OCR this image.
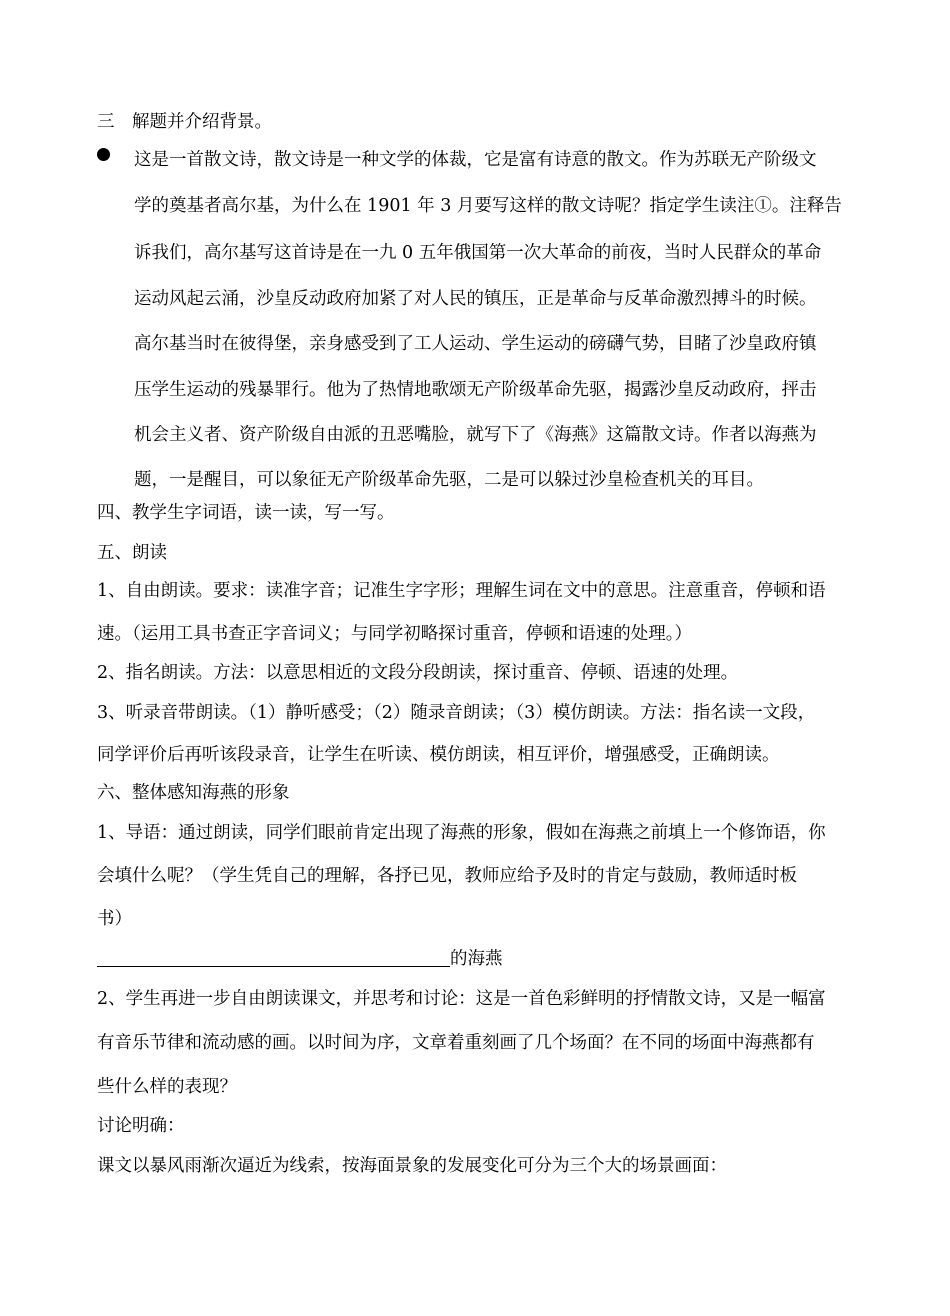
三　解题并介绍背景。
这是一首散文诗，散文诗是一种文学的体裁，它是富有诗意的散文。作为苏联无产阶级文
学的奠基者高尔基，为什么在 1901 年 3 月要写这样的散文诗呢？指定学生读注①。注释告
诉我们，高尔基写这首诗是在一九 0 五年俄国第一次大革命的前夜，当时人民群众的革命
运动风起云涌，沙皇反动政府加紧了对人民的镇压，正是革命与反革命激烈搏斗的时候。
高尔基当时在彼得堡，亲身感受到了工人运动、学生运动的磅礴气势，目睹了沙皇政府镇
压学生运动的残暴罪行。他为了热情地歌颂无产阶级革命先驱，揭露沙皇反动政府，抨击
机会主义者、资产阶级自由派的丑恶嘴脸，就写下了《海燕》这篇散文诗。作者以海燕为
题，一是醒目，可以象征无产阶级革命先驱，二是可以躲过沙皇检查机关的耳目。
四、教学生字词语，读一读，写一写。
五、朗读
1、自由朗读。要求：读准字音；记准生字字形；理解生词在文中的意思。注意重音，停顿和语
速。（运用工具书查正字音词义；与同学初略探讨重音，停顿和语速的处理。）
2、指名朗读。方法：以意思相近的文段分段朗读，探讨重音、停顿、语速的处理。
3、听录音带朗读。（1）静听感受；（2）随录音朗读；（3）模仿朗读。方法：指名读一文段，
同学评价后再听该段录音，让学生在听读、模仿朗读，相互评价，增强感受，正确朗读。
六、整体感知海燕的形象
1、导语：通过朗读，同学们眼前肯定出现了海燕的形象，假如在海燕之前填上一个修饰语，你
会填什么呢？（学生凭自己的理解，各抒已见，教师应给予及时的肯定与鼓励，教师适时板
书）
的海燕
2、学生再进一步自由朗读课文，并思考和讨论：这是一首色彩鲜明的抒情散文诗，又是一幅富
有音乐节律和流动感的画。以时间为序，文章着重刻画了几个场面？在不同的场面中海燕都有
些什么样的表现？
讨论明确：
课文以暴风雨渐次逼近为线索，按海面景象的发展变化可分为三个大的场景画面：
